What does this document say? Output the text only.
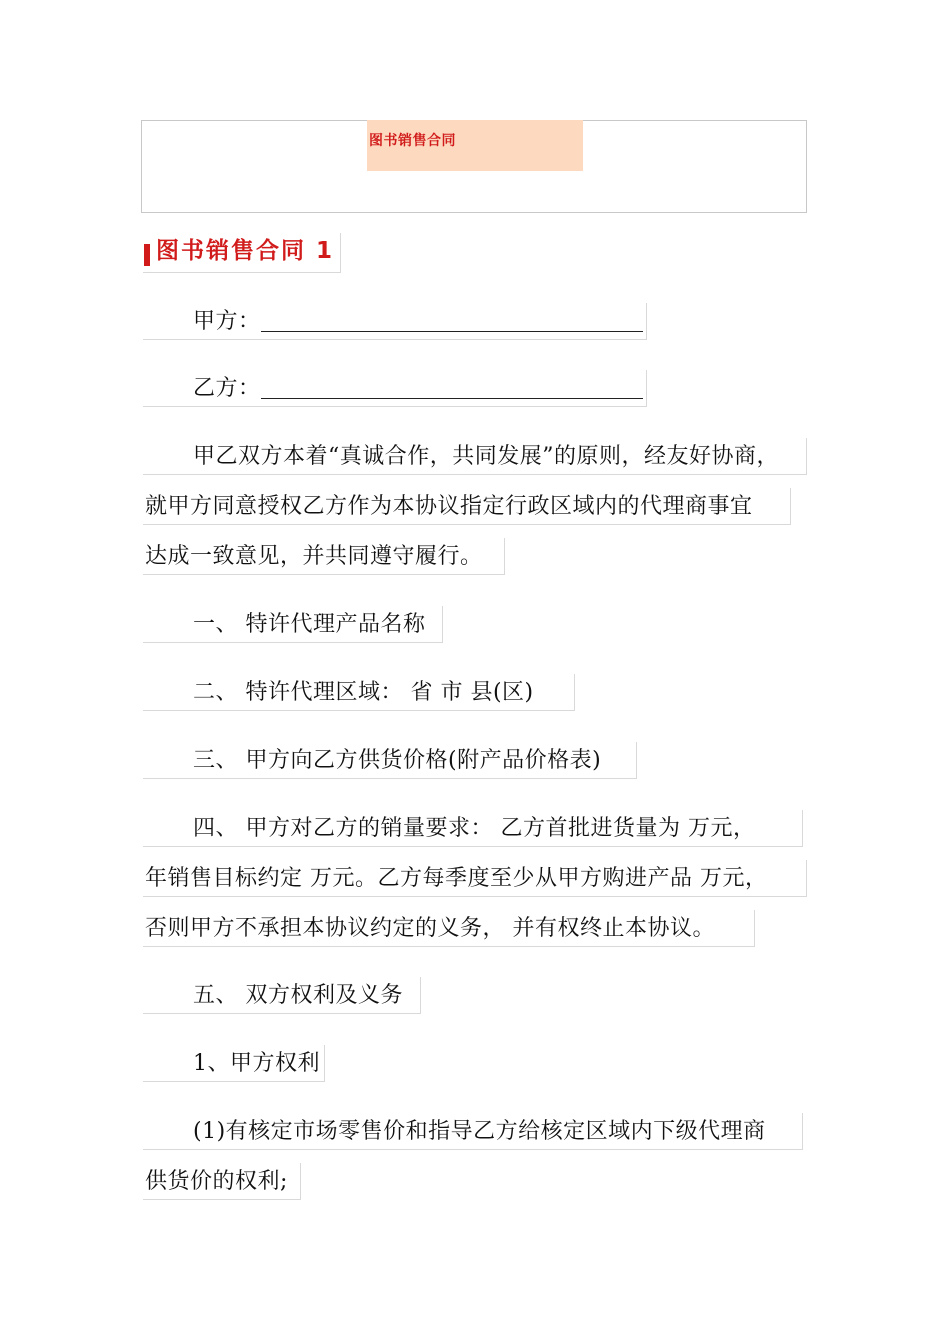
图书销售合同
图书销售合同 1
甲方：
乙方：
甲乙双方本着“真诚合作，共同发展”的原则，经友好协商，
就甲方同意授权乙方作为本协议指定行政区域内的代理商事宜
达成一致意见，并共同遵守履行。
一、 特许代理产品名称
二、 特许代理区域： 省 市 县(区)
三、 甲方向乙方供货价格(附产品价格表)
四、 甲方对乙方的销量要求： 乙方首批进货量为 万元，
年销售目标约定 万元。乙方每季度至少从甲方购进产品 万元，
否则甲方不承担本协议约定的义务， 并有权终止本协议。
五、 双方权利及义务
1、甲方权利
(1)有核定市场零售价和指导乙方给核定区域内下级代理商
供货价的权利;
